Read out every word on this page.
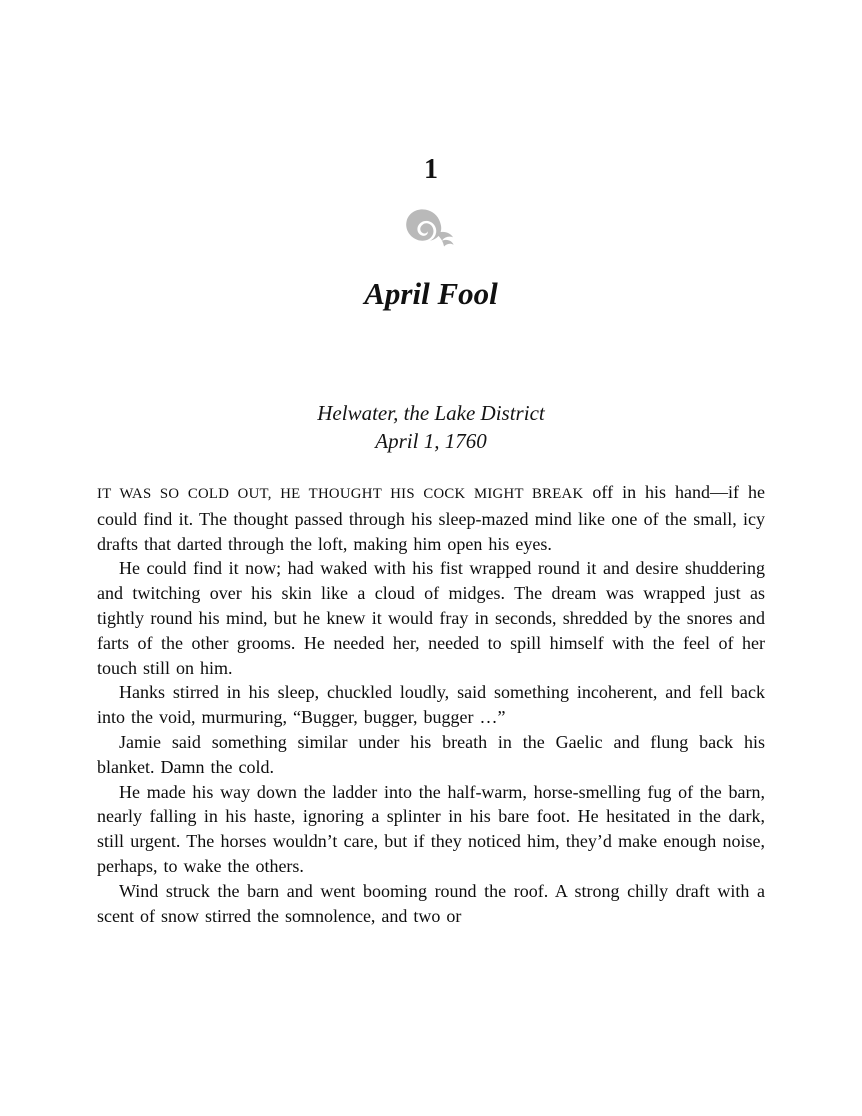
1
April Fool
Helwater, the Lake District
April 1, 1760

IT WAS SO COLD OUT, HE THOUGHT HIS COCK MIGHT BREAK off in his hand—if he could find it. The thought passed through his sleep-mazed mind like one of the small, icy drafts that darted through the loft, making him open his eyes.

He could find it now; had waked with his fist wrapped round it and desire shuddering and twitching over his skin like a cloud of midges. The dream was wrapped just as tightly round his mind, but he knew it would fray in seconds, shredded by the snores and farts of the other grooms. He needed her, needed to spill himself with the feel of her touch still on him.

Hanks stirred in his sleep, chuckled loudly, said something incoherent, and fell back into the void, murmuring, “Bugger, bugger, bugger …”

Jamie said something similar under his breath in the Gaelic and flung back his blanket. Damn the cold.

He made his way down the ladder into the half-warm, horse-smelling fug of the barn, nearly falling in his haste, ignoring a splinter in his bare foot. He hesitated in the dark, still urgent. The horses wouldn’t care, but if they noticed him, they’d make enough noise, perhaps, to wake the others.

Wind struck the barn and went booming round the roof. A strong chilly draft with a scent of snow stirred the somnolence, and two or
